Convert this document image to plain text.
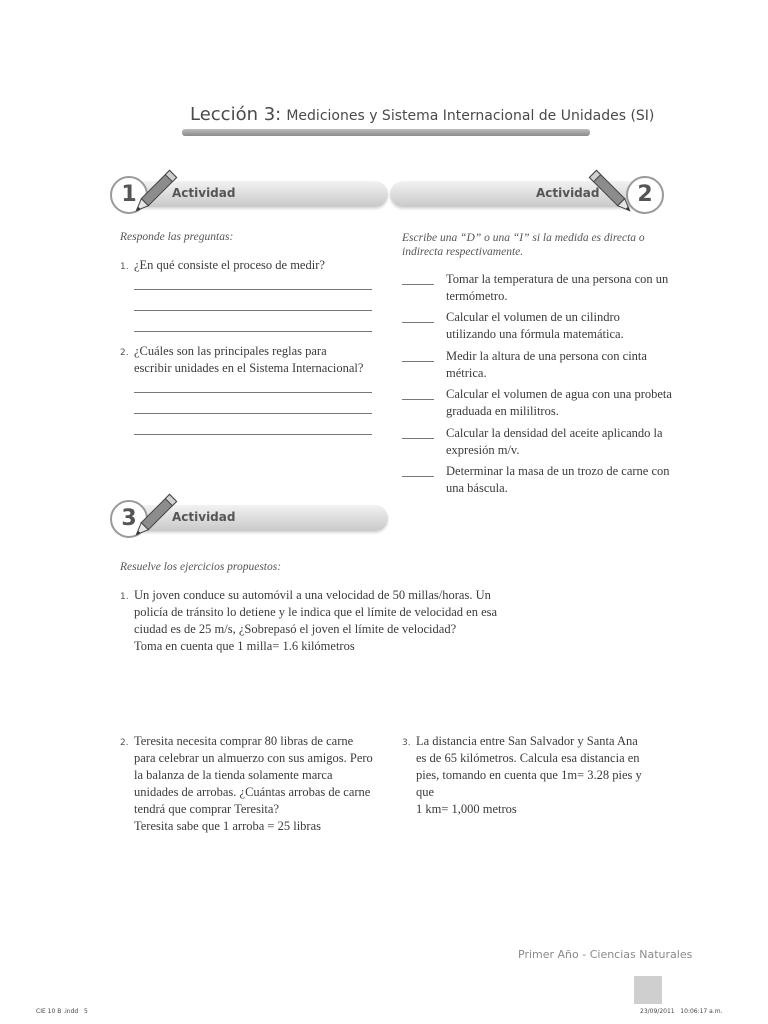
Lección 3: Mediciones y Sistema Internacional de Unidades (SI)
Actividad
1	Actividad	2
Responde las preguntas:
1. ¿En qué consiste el proceso de medir?
2. ¿Cuáles son las principales reglas para escribir unidades en el Sistema Internacional?
Escribe una “D” o una “I” si la medida es directa o indirecta respectivamente.
Tomar la temperatura de una persona con un termómetro.
Calcular el volumen de un cilindro utilizando una fórmula matemática.
Medir la altura de una persona con cinta métrica.
Calcular el volumen de agua con una probeta graduada en mililitros.
Calcular la densidad del aceite aplicando la expresión m/v.
Determinar la masa de un trozo de carne con una báscula.
Actividad
3
Resuelve los ejercicios propuestos:
1. Un joven conduce su automóvil a una velocidad de 50 millas/horas. Un policía de tránsito lo detiene y le indica que el límite de velocidad en esa ciudad es de 25 m/s, ¿Sobrepasó el joven el límite de velocidad?
Toma en cuenta que 1 milla= 1.6 kilómetros
2. Teresita necesita comprar 80 libras de carne para celebrar un almuerzo con sus amigos. Pero la balanza de la tienda solamente marca unidades de arrobas. ¿Cuántas arrobas de carne tendrá que comprar Teresita?
Teresita sabe que 1 arroba = 25 libras
3. La distancia entre San Salvador y Santa Ana es de 65 kilómetros. Calcula esa distancia en pies, tomando en cuenta que 1m= 3.28 pies y que
1 km= 1,000 metros
Primer Año - Ciencias Naturales
CIE 10 B .indd   5	23/09/2011   10:06:17 a.m.
